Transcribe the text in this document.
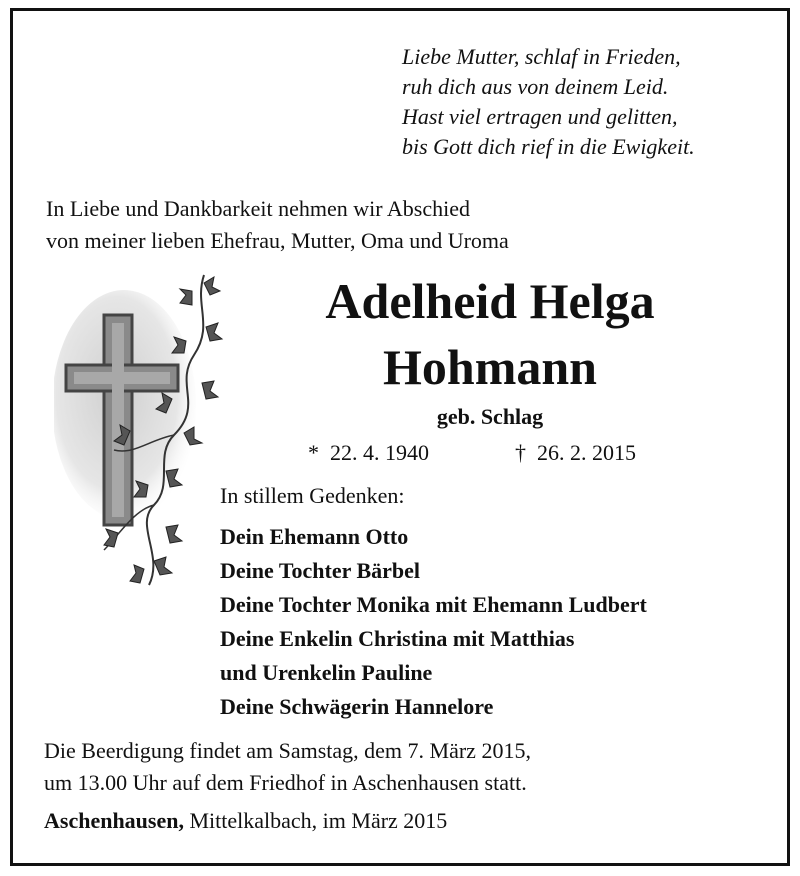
Liebe Mutter, schlaf in Frieden,
ruh dich aus von deinem Leid.
Hast viel ertragen und gelitten,
bis Gott dich rief in die Ewigkeit.
In Liebe und Dankbarkeit nehmen wir Abschied
von meiner lieben Ehefrau, Mutter, Oma und Uroma
Adelheid Helga
Hohmann
geb. Schlag
* 22. 4. 1940	† 26. 2. 2015
In stillem Gedenken:
Dein Ehemann Otto
Deine Tochter Bärbel
Deine Tochter Monika mit Ehemann Ludbert
Deine Enkelin Christina mit Matthias
und Urenkelin Pauline
Deine Schwägerin Hannelore
Die Beerdigung findet am Samstag, dem 7. März 2015,
um 13.00 Uhr auf dem Friedhof in Aschenhausen statt.
Aschenhausen, Mittelkalbach, im März 2015
